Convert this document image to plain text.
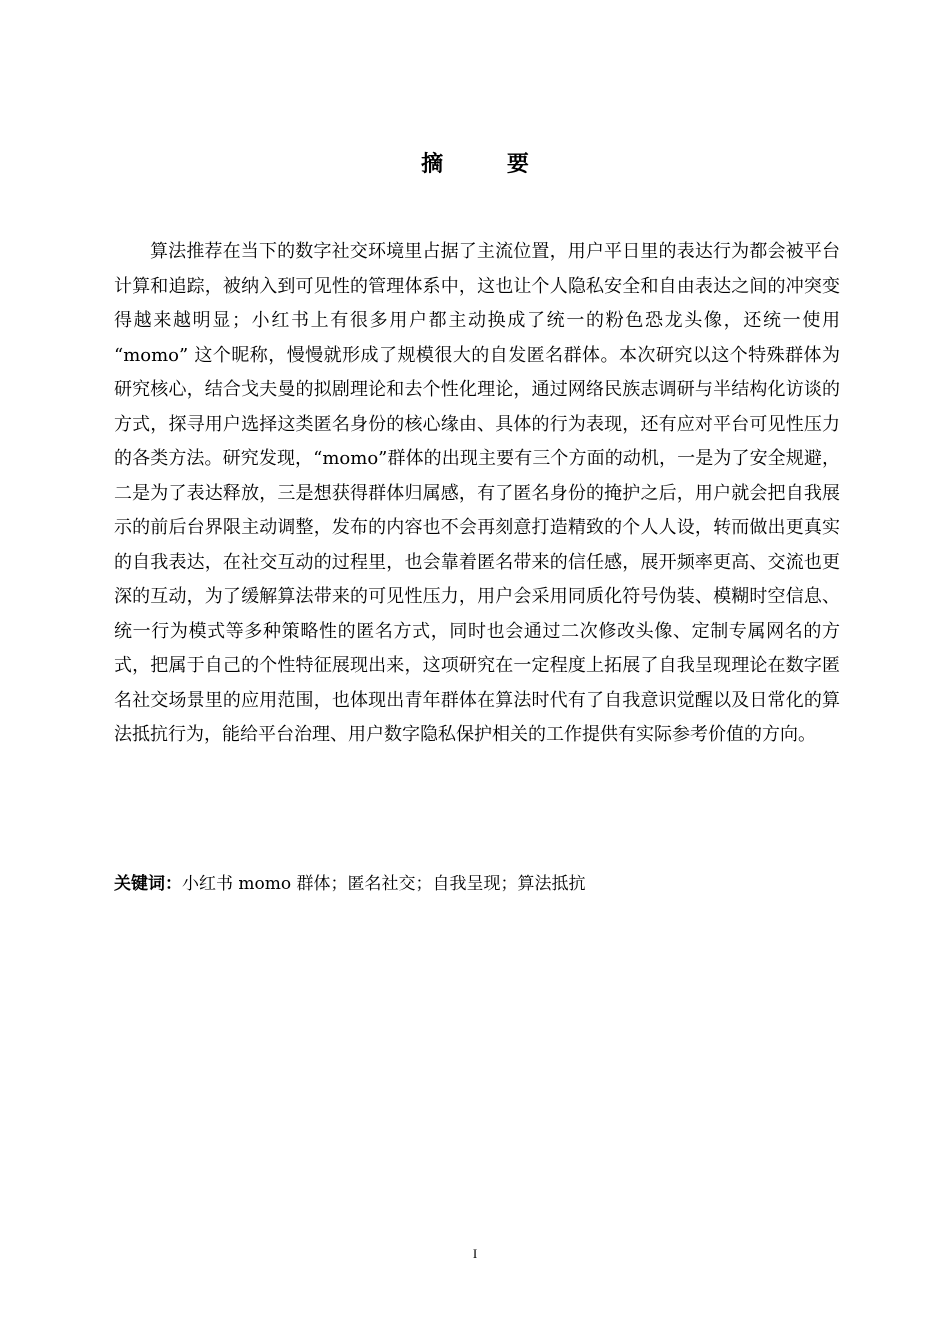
摘 要

算法推荐在当下的数字社交环境里占据了主流位置，用户平日里的表达行为都会被平台计算和追踪，被纳入到可见性的管理体系中，这也让个人隐私安全和自由表达之间的冲突变得越来越明显；小红书上有很多用户都主动换成了统一的粉色恐龙头像，还统一使用 “momo” 这个昵称，慢慢就形成了规模很大的自发匿名群体。本次研究以这个特殊群体为研究核心，结合戈夫曼的拟剧理论和去个性化理论，通过网络民族志调研与半结构化访谈的方式，探寻用户选择这类匿名身份的核心缘由、具体的行为表现，还有应对平台可见性压力的各类方法。研究发现，“momo”群体的出现主要有三个方面的动机，一是为了安全规避，二是为了表达释放，三是想获得群体归属感，有了匿名身份的掩护之后，用户就会把自我展示的前后台界限主动调整，发布的内容也不会再刻意打造精致的个人人设，转而做出更真实的自我表达，在社交互动的过程里，也会靠着匿名带来的信任感，展开频率更高、交流也更深的互动，为了缓解算法带来的可见性压力，用户会采用同质化符号伪装、模糊时空信息、统一行为模式等多种策略性的匿名方式，同时也会通过二次修改头像、定制专属网名的方式，把属于自己的个性特征展现出来，这项研究在一定程度上拓展了自我呈现理论在数字匿名社交场景里的应用范围，也体现出青年群体在算法时代有了自我意识觉醒以及日常化的算法抵抗行为，能给平台治理、用户数字隐私保护相关的工作提供有实际参考价值的方向。

关键词：小红书 momo 群体；匿名社交；自我呈现；算法抵抗
I
